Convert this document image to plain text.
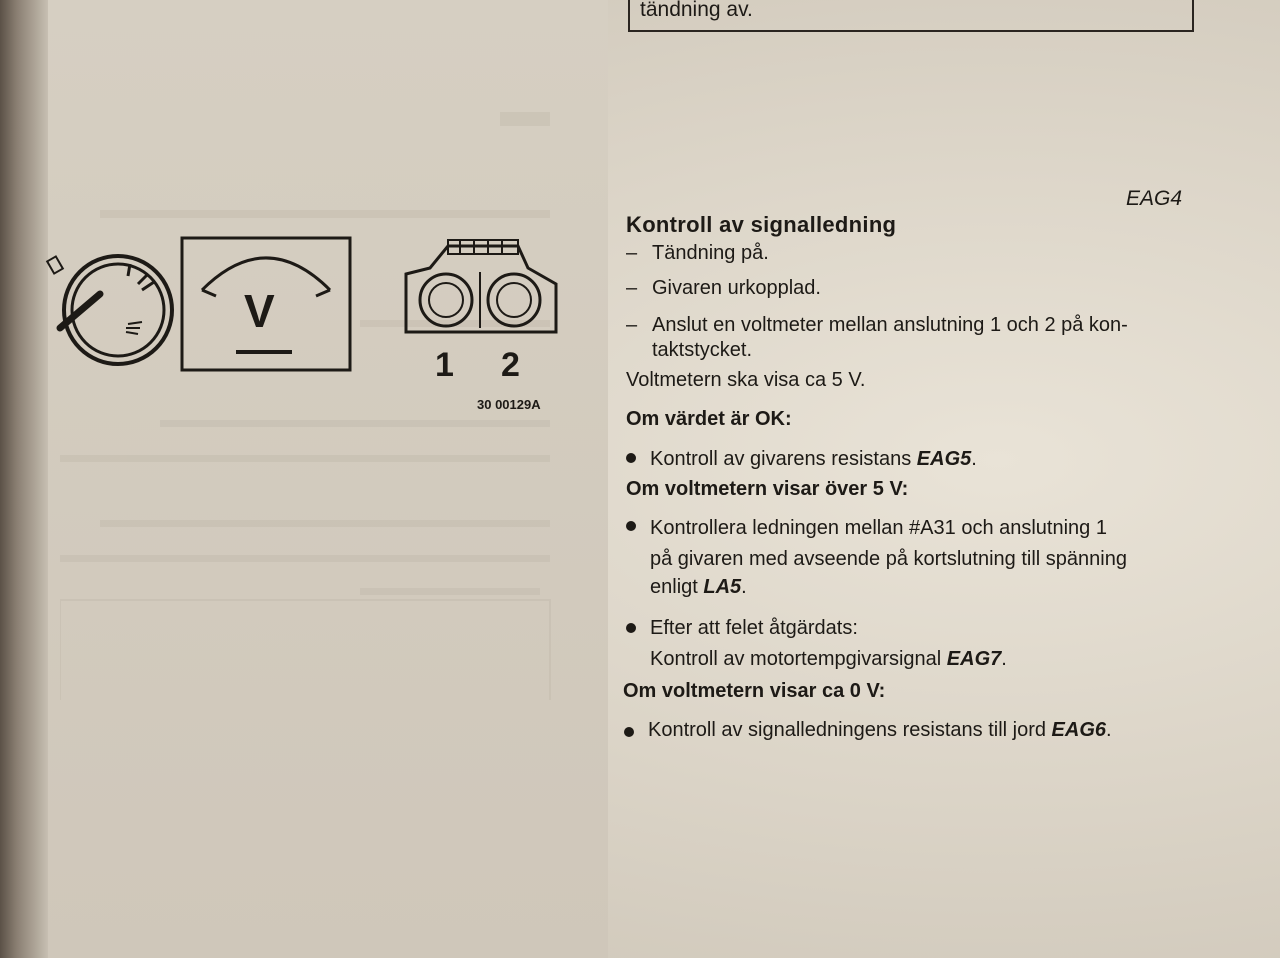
tändning av.
V
1 2
30 00129A
EAG4
Kontroll av signalledning
– Tändning på.
– Givaren urkopplad.
– Anslut en voltmeter mellan anslutning 1 och 2 på kon-
taktstycket.
Voltmetern ska visa ca 5 V.
Om värdet är OK:
Kontroll av givarens resistans EAG5.
Om voltmetern visar över 5 V:
Kontrollera ledningen mellan #A31 och anslutning 1
på givaren med avseende på kortslutning till spänning
enligt LA5.
Efter att felet åtgärdats:
Kontroll av motortempgivarsignal EAG7.
Om voltmetern visar ca 0 V:
Kontroll av signalledningens resistans till jord EAG6.
